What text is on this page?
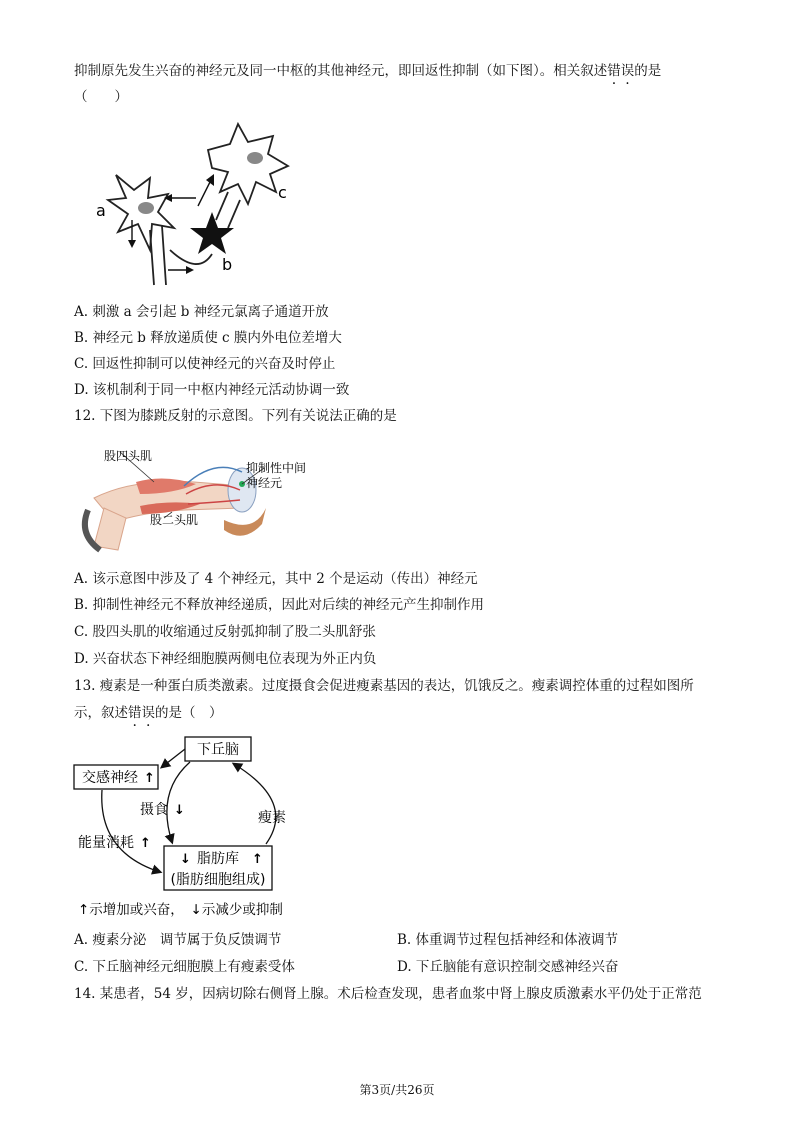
抑制原先发生兴奋的神经元及同一中枢的其他神经元，即回返性抑制（如下图）。相关叙述错误的是
（　　）
a
b
c
A. 刺激 a 会引起 b 神经元氯离子通道开放
B. 神经元 b 释放递质使 c 膜内外电位差增大
C. 回返性抑制可以使神经元的兴奋及时停止
D. 该机制利于同一中枢内神经元活动协调一致
12. 下图为膝跳反射的示意图。下列有关说法正确的是
股四头肌
抑制性中间
神经元
股二头肌
A. 该示意图中涉及了 4 个神经元，其中 2 个是运动（传出）神经元
B. 抑制性神经元不释放神经递质，因此对后续的神经元产生抑制作用
C. 股四头肌的收缩通过反射弧抑制了股二头肌舒张
D. 兴奋状态下神经细胞膜两侧电位表现为外正内负
13. 瘦素是一种蛋白质类激素。过度摄食会促进瘦素基因的表达，饥饿反之。瘦素调控体重的过程如图所
示，叙述错误的是（　）
下丘脑
交感神经 ↑
↓ 脂肪库 ↑
(脂肪细胞组成)
摄食 ↓	瘦素
能量消耗 ↑
↑示增加或兴奋，　↓示减少或抑制
A. 瘦素分泌　调节属于负反馈调节	B. 体重调节过程包括神经和体液调节
C. 下丘脑神经元细胞膜上有瘦素受体	D. 下丘脑能有意识控制交感神经兴奋
14. 某患者，54 岁，因病切除右侧肾上腺。术后检查发现，患者血浆中肾上腺皮质激素水平仍处于正常范
第3页/共26页
